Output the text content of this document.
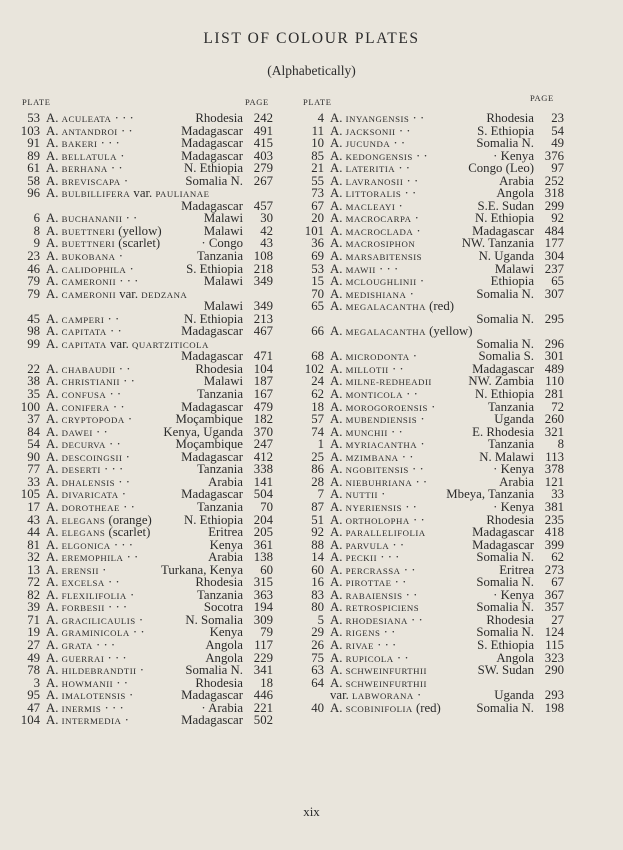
LIST OF COLOUR PLATES
(Alphabetically)
PLATE	PAGE	PLATE	PAGE
53 A. ACULEATA · · ·	Rhodesia 242
103 A. ANTANDROI · ·	Madagascar 491
91 A. BAKERI · · ·	Madagascar 415
89 A. BELLATULA ·	Madagascar 403
61 A. BERHANA · ·	N. Ethiopia 279
58 A. BREVISCAPA ·	Somalia N. 267
96 A. BULBILLIFERA var. PAULIANAE
Madagascar 457
6 A. BUCHANANII · ·	Malawi	30
8 A. BUETTNERI (yellow)	Malawi	42
9 A. BUETTNERI (scarlet)	· Congo	43
23 A. BUKOBANA ·	Tanzania 108
46 A. CALIDOPHILA ·	S. Ethiopia 218
79 A. CAMERONII · · ·	Malawi 349
79 A. CAMERONII var. DEDZANA
Malawi 349
45 A. CAMPERI · ·	N. Ethiopia 213
98 A. CAPITATA · ·	Madagascar 467
99 A. CAPITATA var. QUARTZITICOLA
Madagascar 471
22 A. CHABAUDII · ·	Rhodesia 104
38 A. CHRISTIANII · ·	Malawi 187
35 A. CONFUSA · ·	Tanzania 167
100 A. CONIFERA · ·	Madagascar 479
37 A. CRYPTOPODA ·	Moçambique 182
84 A. DAWEI · ·	Kenya, Uganda 370
54 A. DECURVA · ·	Moçambique 247
90 A. DESCOINGSII ·	Madagascar 412
77 A. DESERTI · · ·	Tanzania 338
33 A. DHALENSIS · ·	Arabia 141
105 A. DIVARICATA ·	Madagascar 504
17 A. DOROTHEAE · ·	Tanzania	70
43 A. ELEGANS (orange)	N. Ethiopia 204
44 A. ELEGANS (scarlet)	Eritrea 205
81 A. ELGONICA · · ·	Kenya 361
32 A. EREMOPHILA · ·	Arabia 138
13 A. ERENSII ·	Turkana, Kenya	60
72 A. EXCELSA · ·	Rhodesia 315
82 A. FLEXILIFOLIA ·	Tanzania 363
39 A. FORBESII · · ·	Socotra 194
71 A. GRACILICAULIS ·	N. Somalia 309
19 A. GRAMINICOLA · ·	Kenya	79
27 A. GRATA · · ·	Angola 117
49 A. GUERRAI · · ·	Angola 229
78 A. HILDEBRANDTII ·	Somalia N. 341
3 A. HOWMANII · ·	Rhodesia	18
95 A. IMALOTENSIS ·	Madagascar 446
47 A. INERMIS · · ·	· Arabia 221
104 A. INTERMEDIA ·	Madagascar 502
4 A. INYANGENSIS · ·	Rhodesia	23
11 A. JACKSONII · ·	S. Ethiopia	54
10 A. JUCUNDA · ·	Somalia N.	49
85 A. KEDONGENSIS · ·	· Kenya 376
21 A. LATERITIA · ·	Congo (Leo)	97
55 A. LAVRANOSII · ·	Arabia 252
73 A. LITTORALIS · ·	Angola 318
67 A. MACLEAYI ·	S.E. Sudan 299
20 A. MACROCARPA ·	N. Ethiopia	92
101 A. MACROCLADA ·	Madagascar 484
36 A. MACROSIPHON	NW. Tanzania 177
69 A. MARSABITENSIS	N. Uganda 304
53 A. MAWII · · ·	Malawi 237
15 A. MCLOUGHLINII ·	Ethiopia	65
70 A. MEDISHIANA ·	Somalia N. 307
65 A. MEGALACANTHA (red)
Somalia N. 295
66 A. MEGALACANTHA (yellow)
Somalia N. 296
68 A. MICRODONTA ·	Somalia S. 301
102 A. MILLOTII · ·	Madagascar 489
24 A. MILNE-REDHEADII	NW. Zambia 110
62 A. MONTICOLA · ·	N. Ethiopia 281
18 A. MOROGOROENSIS ·	Tanzania	72
57 A. MUBENDIENSIS ·	Uganda 260
74 A. MUNCHII · ·	E. Rhodesia 321
1 A. MYRIACANTHA ·	Tanzania	8
25 A. MZIMBANA · ·	N. Malawi 113
86 A. NGOBITENSIS · ·	· Kenya 378
28 A. NIEBUHRIANA · ·	Arabia 121
7 A. NUTTII ·	Mbeya, Tanzania	33
87 A. NYERIENSIS · ·	· Kenya 381
51 A. ORTHOLOPHA · ·	Rhodesia 235
92 A. PARALLELIFOLIA	Madagascar 418
88 A. PARVULA · ·	Madagascar 399
14 A. PECKII · · ·	Somalia N.	62
60 A. PERCRASSA · ·	Eritrea 273
16 A. PIROTTAE · ·	Somalia N.	67
83 A. RABAIENSIS · ·	· Kenya 367
80 A. RETROSPICIENS	Somalia N. 357
5 A. RHODESIANA · ·	Rhodesia	27
29 A. RIGENS · ·	Somalia N. 124
26 A. RIVAE · · ·	S. Ethiopia 115
75 A. RUPICOLA · ·	Angola 323
63 A. SCHWEINFURTHII	SW. Sudan 290
64 A. SCHWEINFURTHII
var. LABWORANA ·	Uganda 293
40 A. SCOBINIFOLIA (red)	Somalia N. 198
xix
